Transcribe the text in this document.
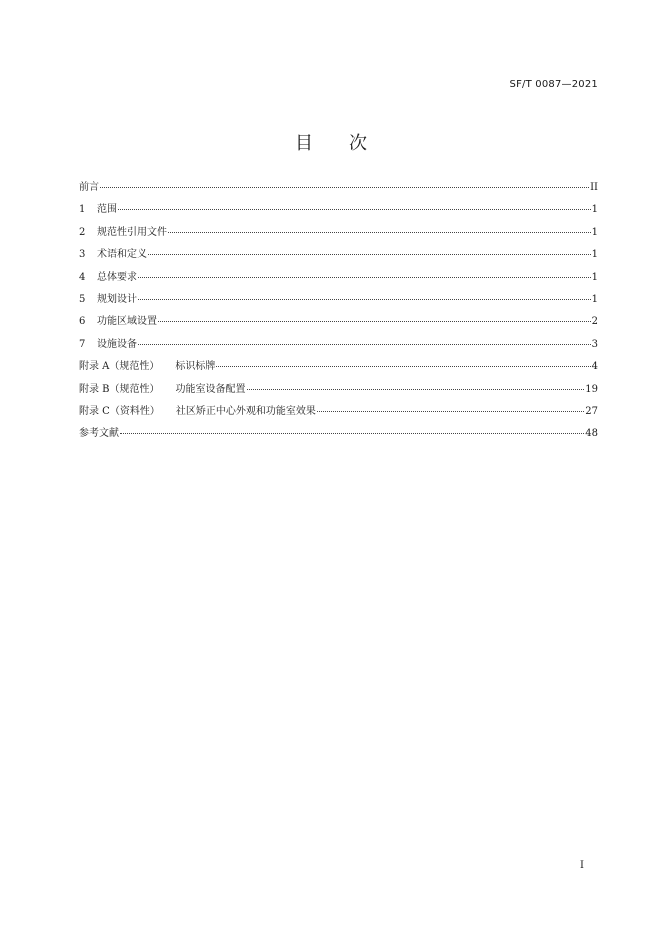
SF/T 0087—2021
目　　次
前言	II
1	范围	1
2	规范性引用文件	1
3	术语和定义	1
4	总体要求	1
5	规划设计	1
6	功能区域设置	2
7	设施设备	3
附录 A（规范性） 标识标牌	4
附录 B（规范性） 功能室设备配置	19
附录 C（资料性） 社区矫正中心外观和功能室效果	27
参考文献	48
I
